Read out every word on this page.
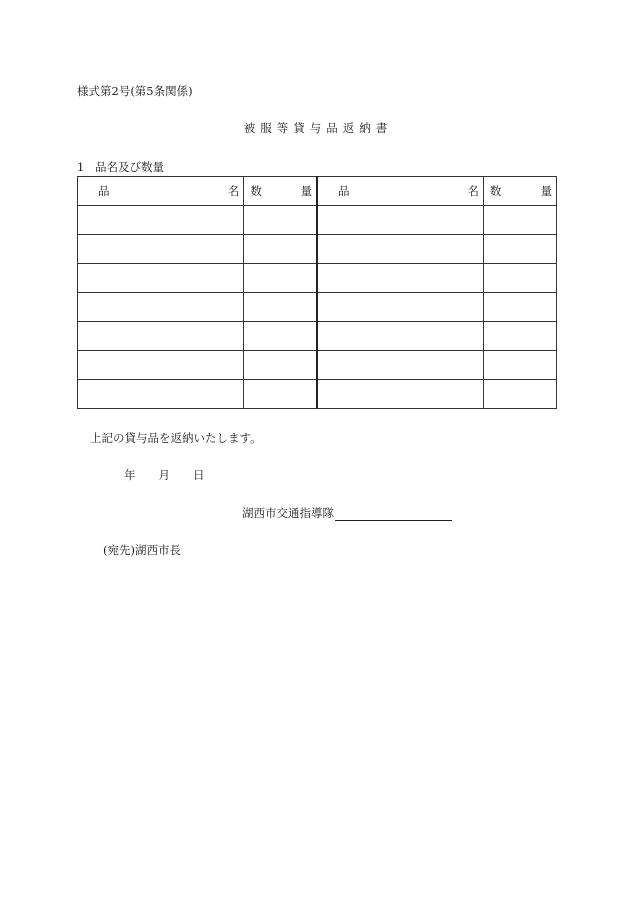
様式第2号(第5条関係)
被服等貸与品返納書
1 品名及び数量
品 名	数 量	品 名	数 量

上記の貸与品を返納いたします。
年 月 日
湖西市交通指導隊
(宛先)湖西市長
